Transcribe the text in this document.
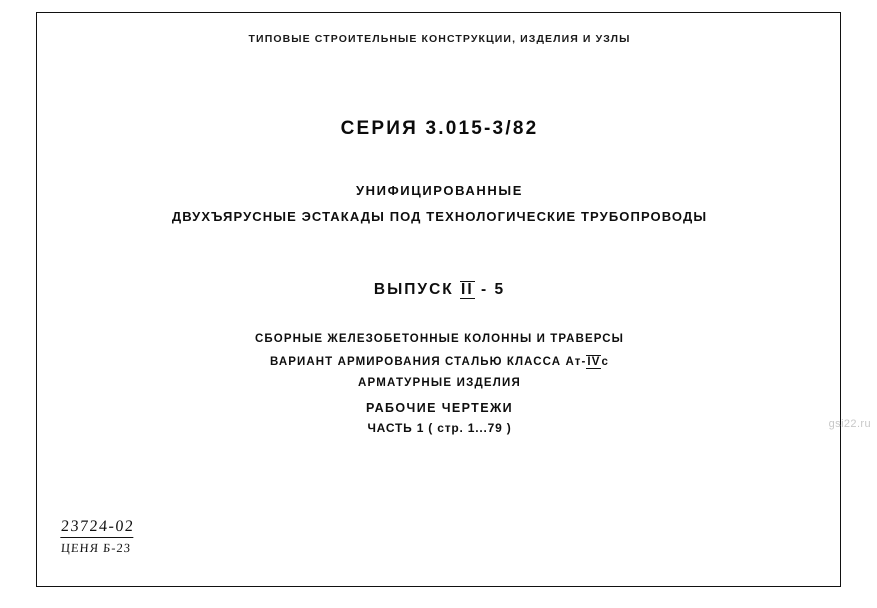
ТИПОВЫЕ СТРОИТЕЛЬНЫЕ КОНСТРУКЦИИ, ИЗДЕЛИЯ И УЗЛЫ
СЕРИЯ 3.015-3/82
УНИФИЦИРОВАННЫЕ
ДВУХЪЯРУСНЫЕ ЭСТАКАДЫ ПОД ТЕХНОЛОГИЧЕСКИЕ ТРУБОПРОВОДЫ
ВЫПУСК II - 5
СБОРНЫЕ ЖЕЛЕЗОБЕТОННЫЕ КОЛОННЫ И ТРАВЕРСЫ
ВАРИАНТ АРМИРОВАНИЯ СТАЛЬЮ КЛАССА Ат-IVс
АРМАТУРНЫЕ ИЗДЕЛИЯ
РАБОЧИЕ ЧЕРТЕЖИ
ЧАСТЬ 1 ( стр. 1...79 )
23724-02
ЦЕНЯ Б-23
gsi22.ru
